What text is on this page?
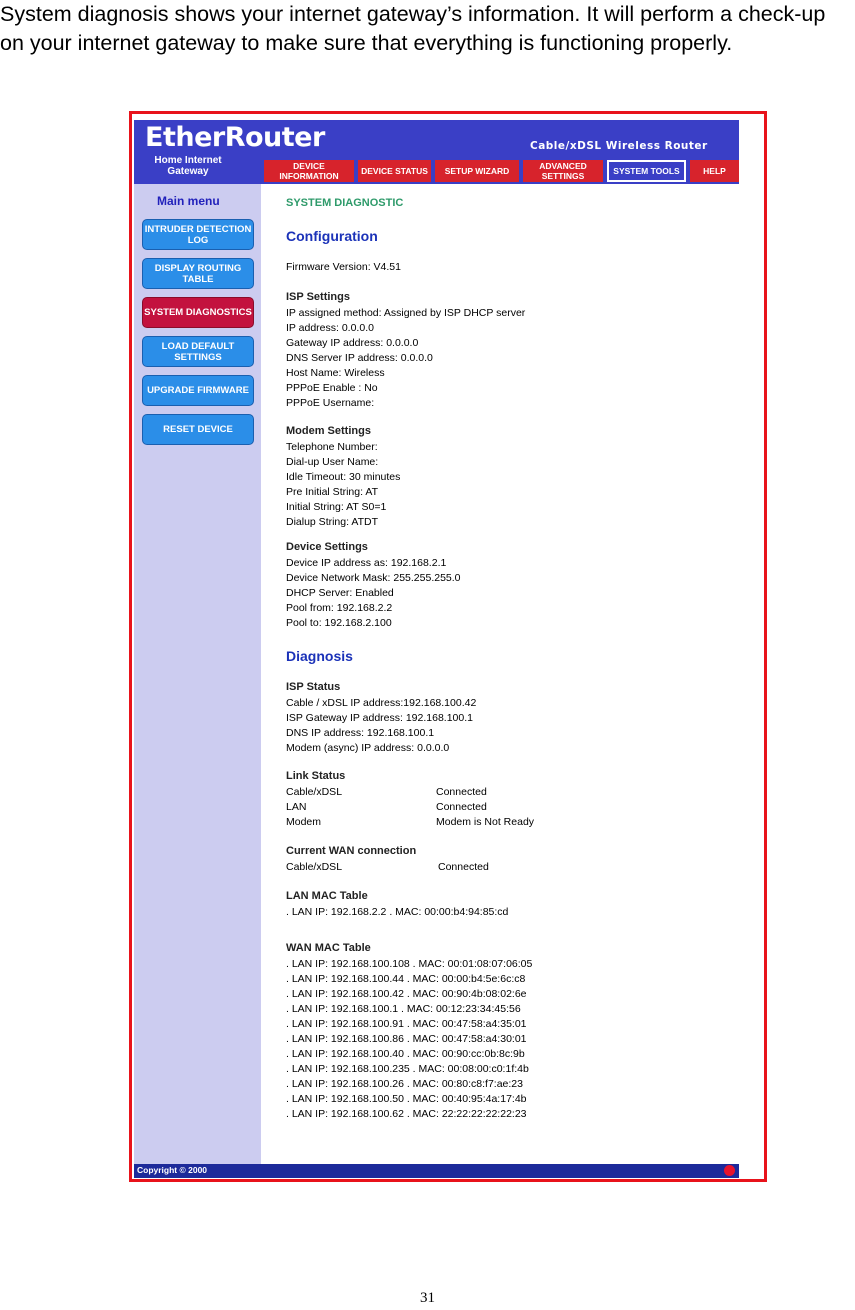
System diagnosis shows your internet gateway’s information. It will perform a check-up on your internet gateway to make sure that everything is functioning properly.

EtherRouter
Home Internet Gateway
Cable/xDSL Wireless Router
DEVICE INFORMATION	DEVICE STATUS	SETUP WIZARD	ADVANCED SETTINGS	SYSTEM TOOLS	HELP
Main menu
INTRUDER DETECTION LOG
DISPLAY ROUTING TABLE
SYSTEM DIAGNOSTICS
LOAD DEFAULT SETTINGS
UPGRADE FIRMWARE
RESET DEVICE
SYSTEM DIAGNOSTIC
Configuration
Firmware Version: V4.51
ISP Settings
IP assigned method: Assigned by ISP DHCP server
IP address: 0.0.0.0
Gateway IP address: 0.0.0.0
DNS Server IP address: 0.0.0.0
Host Name: Wireless
PPPoE Enable : No
PPPoE Username:
Modem Settings
Telephone Number:
Dial-up User Name:
Idle Timeout: 30 minutes
Pre Initial String: AT
Initial String: AT S0=1
Dialup String: ATDT
Device Settings
Device IP address as: 192.168.2.1
Device Network Mask: 255.255.255.0
DHCP Server: Enabled
Pool from: 192.168.2.2
Pool to: 192.168.2.100
Diagnosis
ISP Status
Cable / xDSL IP address:192.168.100.42
ISP Gateway IP address: 192.168.100.1
DNS IP address: 192.168.100.1
Modem (async) IP address: 0.0.0.0
Link Status
Cable/xDSL	Connected
LAN	Connected
Modem	Modem is Not Ready
Current WAN connection
Cable/xDSL	Connected
LAN MAC Table
. LAN IP: 192.168.2.2 . MAC: 00:00:b4:94:85:cd
WAN MAC Table
. LAN IP: 192.168.100.108 . MAC: 00:01:08:07:06:05
. LAN IP: 192.168.100.44 . MAC: 00:00:b4:5e:6c:c8
. LAN IP: 192.168.100.42 . MAC: 00:90:4b:08:02:6e
. LAN IP: 192.168.100.1 . MAC: 00:12:23:34:45:56
. LAN IP: 192.168.100.91 . MAC: 00:47:58:a4:35:01
. LAN IP: 192.168.100.86 . MAC: 00:47:58:a4:30:01
. LAN IP: 192.168.100.40 . MAC: 00:90:cc:0b:8c:9b
. LAN IP: 192.168.100.235 . MAC: 00:08:00:c0:1f:4b
. LAN IP: 192.168.100.26 . MAC: 00:80:c8:f7:ae:23
. LAN IP: 192.168.100.50 . MAC: 00:40:95:4a:17:4b
. LAN IP: 192.168.100.62 . MAC: 22:22:22:22:22:23
Copyright © 2000
31
